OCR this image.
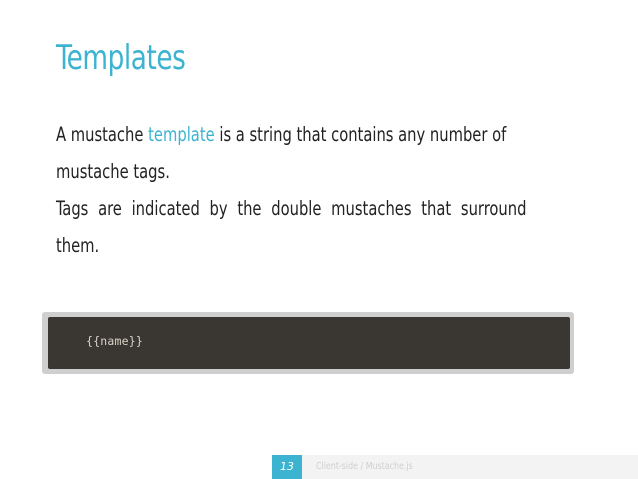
Templates

A mustache template is a string that contains any number of
mustache tags.

Tags are indicated by the double mustaches that surround
them.

{{name}}
13	Client-side / Mustache.js
